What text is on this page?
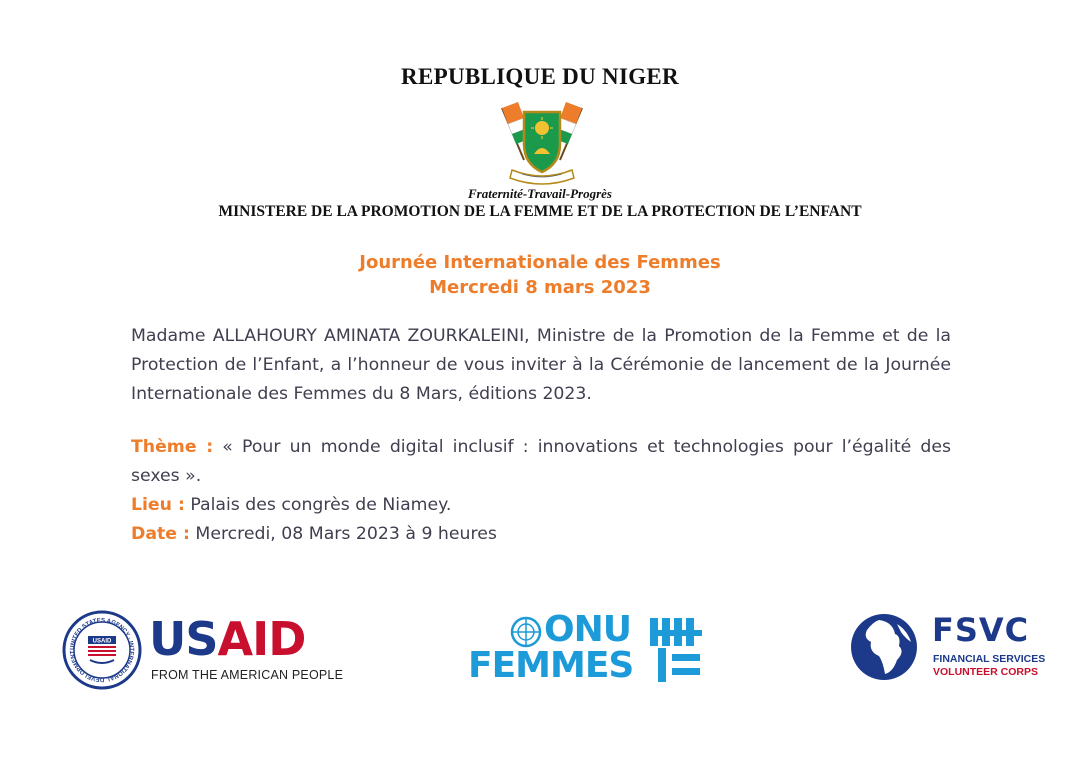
REPUBLIQUE DU NIGER
Fraternité-Travail-Progrès
MINISTERE DE LA PROMOTION DE LA FEMME ET DE LA PROTECTION DE L’ENFANT
Journée Internationale des Femmes
Mercredi 8 mars 2023
Madame ALLAHOURY AMINATA ZOURKALEINI, Ministre de la Promotion de la Femme et de la Protection de l’Enfant, a l’honneur de vous inviter à la Cérémonie de lancement de la Journée Internationale des Femmes du 8 Mars, éditions 2023.

Thème : « Pour un monde digital inclusif : innovations et technologies pour l’égalité des sexes ».

Lieu : Palais des congrès de Niamey.

Date : Mercredi, 08 Mars 2023 à 9 heures

UNITED STATES AGENCY · INTERNATIONAL DEVELOPMENT
USAID USAID
FROM THE AMERICAN PEOPLE
ONU
FEMMES
FSVC
FINANCIAL SERVICES
VOLUNTEER CORPS
